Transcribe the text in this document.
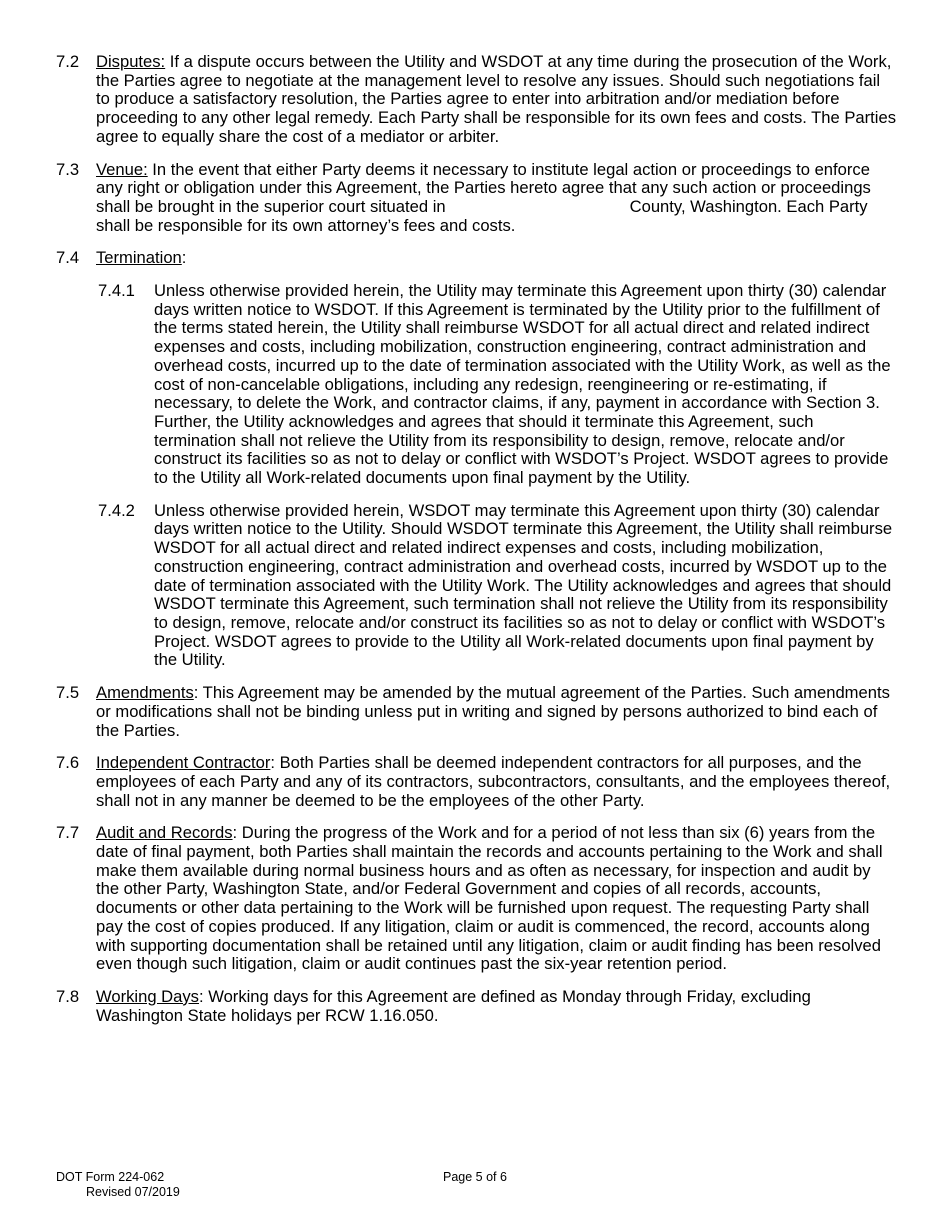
7.2 Disputes: If a dispute occurs between the Utility and WSDOT at any time during the prosecution of the Work, the Parties agree to negotiate at the management level to resolve any issues. Should such negotiations fail to produce a satisfactory resolution, the Parties agree to enter into arbitration and/or mediation before proceeding to any other legal remedy. Each Party shall be responsible for its own fees and costs. The Parties agree to equally share the cost of a mediator or arbiter.
7.3 Venue: In the event that either Party deems it necessary to institute legal action or proceedings to enforce any right or obligation under this Agreement, the Parties hereto agree that any such action or proceedings shall be brought in the superior court situated in	County, Washington. Each Party shall be responsible for its own attorney’s fees and costs.
7.4 Termination:
7.4.1 Unless otherwise provided herein, the Utility may terminate this Agreement upon thirty (30) calendar days written notice to WSDOT. If this Agreement is terminated by the Utility prior to the fulfillment of the terms stated herein, the Utility shall reimburse WSDOT for all actual direct and related indirect expenses and costs, including mobilization, construction engineering, contract administration and overhead costs, incurred up to the date of termination associated with the Utility Work, as well as the cost of non-cancelable obligations, including any redesign, reengineering or re-estimating, if necessary, to delete the Work, and contractor claims, if any, payment in accordance with Section 3. Further, the Utility acknowledges and agrees that should it terminate this Agreement, such termination shall not relieve the Utility from its responsibility to design, remove, relocate and/or construct its facilities so as not to delay or conflict with WSDOT’s Project. WSDOT agrees to provide to the Utility all Work-related documents upon final payment by the Utility.
7.4.2 Unless otherwise provided herein, WSDOT may terminate this Agreement upon thirty (30) calendar days written notice to the Utility. Should WSDOT terminate this Agreement, the Utility shall reimburse WSDOT for all actual direct and related indirect expenses and costs, including mobilization, construction engineering, contract administration and overhead costs, incurred by WSDOT up to the date of termination associated with the Utility Work. The Utility acknowledges and agrees that should WSDOT terminate this Agreement, such termination shall not relieve the Utility from its responsibility to design, remove, relocate and/or construct its facilities so as not to delay or conflict with WSDOT’s Project. WSDOT agrees to provide to the Utility all Work-related documents upon final payment by the Utility.
7.5 Amendments: This Agreement may be amended by the mutual agreement of the Parties. Such amendments or modifications shall not be binding unless put in writing and signed by persons authorized to bind each of the Parties.
7.6 Independent Contractor: Both Parties shall be deemed independent contractors for all purposes, and the employees of each Party and any of its contractors, subcontractors, consultants, and the employees thereof, shall not in any manner be deemed to be the employees of the other Party.
7.7 Audit and Records: During the progress of the Work and for a period of not less than six (6) years from the date of final payment, both Parties shall maintain the records and accounts pertaining to the Work and shall make them available during normal business hours and as often as necessary, for inspection and audit by the other Party, Washington State, and/or Federal Government and copies of all records, accounts, documents or other data pertaining to the Work will be furnished upon request. The requesting Party shall pay the cost of copies produced. If any litigation, claim or audit is commenced, the record, accounts along with supporting documentation shall be retained until any litigation, claim or audit finding has been resolved even though such litigation, claim or audit continues past the six-year retention period.
7.8 Working Days: Working days for this Agreement are defined as Monday through Friday, excluding Washington State holidays per RCW 1.16.050.
DOT Form 224-062
Revised 07/2019
Page 5 of 6
